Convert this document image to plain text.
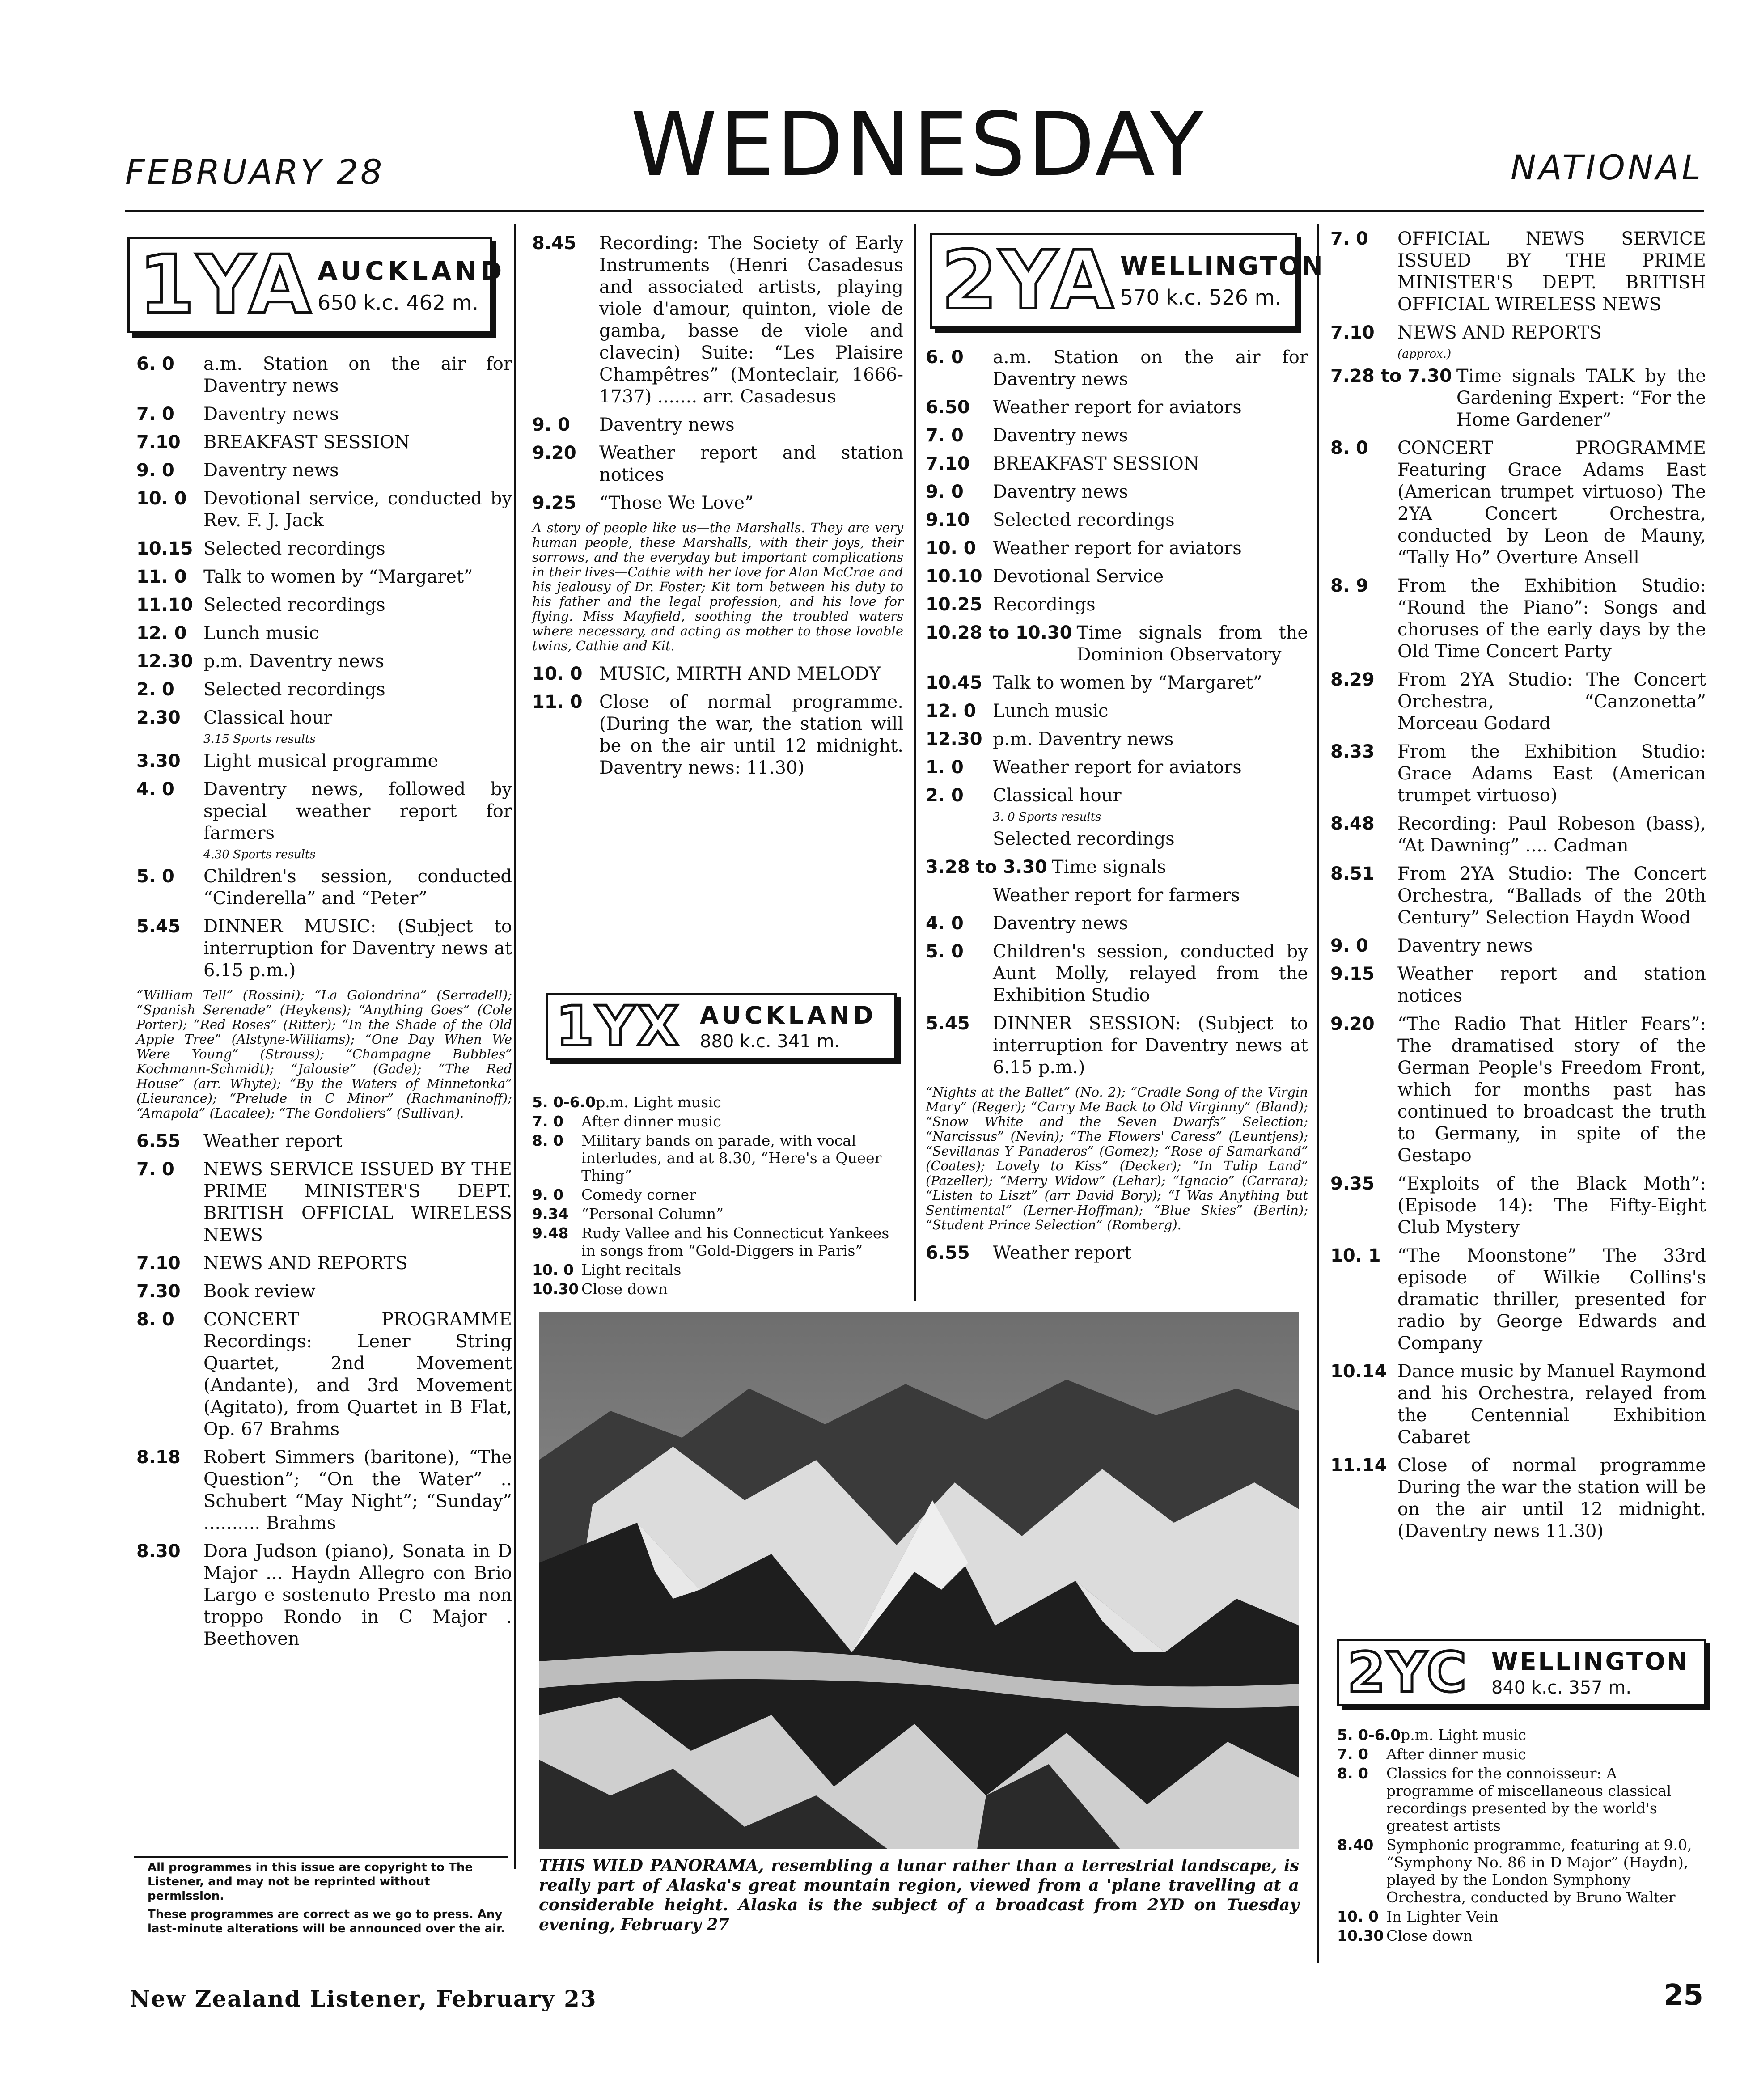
FEBRUARY 28	WEDNESDAY	NATIONAL
1YA AUCKLAND
650 k.c. 462 m.
6. 0	a.m. Station on the air for Daventry news
7. 0	Daventry news
7.10	BREAKFAST SESSION
9. 0	Daventry news
10. 0 Devotional service, conducted by Rev. F. J. Jack
10.15 Selected recordings
11. 0 Talk to women by “Margaret”
11.10 Selected recordings
12. 0 Lunch music
12.30 p.m. Daventry news
2. 0	Selected recordings
2.30	Classical hour
3.15 Sports results
3.30	Light musical programme
4. 0	Daventry news, followed by special weather report for farmers
4.30 Sports results
5. 0	Children's session, conducted “Cinderella” and “Peter”
5.45	DINNER MUSIC: (Subject to interruption for Daventry news at 6.15 p.m.)
“William Tell” (Rossini); “La Golondrina” (Serradell); “Spanish Serenade” (Heykens); “Anything Goes” (Cole Porter); “Red Roses” (Ritter); “In the Shade of the Old Apple Tree” (Alstyne-Williams); “One Day When We Were Young” (Strauss); “Champagne Bubbles” Kochmann-Schmidt); “Jalousie” (Gade); “The Red House” (arr. Whyte); “By the Waters of Minnetonka” (Lieurance); “Prelude in C Minor” (Rachmaninoff); “Amapola” (Lacalee); “The Gondoliers” (Sullivan).
6.55	Weather report
7. 0	NEWS SERVICE ISSUED BY THE PRIME MINISTER'S DEPT. BRITISH OFFICIAL WIRELESS NEWS
7.10	NEWS AND REPORTS
7.30	Book review
8. 0	CONCERT PROGRAMME Recordings: Lener String Quartet, 2nd Movement (Andante), and 3rd Movement (Agitato), from Quartet in B Flat, Op. 67 Brahms
8.18	Robert Simmers (baritone), “The Question”; “On the Water” .. Schubert “May Night”; “Sunday” .......... Brahms
8.30	Dora Judson (piano), Sonata in D Major ... Haydn Allegro con Brio Largo e sostenuto Presto ma non troppo Rondo in C Major . Beethoven
8.45	Recording: The Society of Early Instruments (Henri Casadesus and associated artists, playing viole d'amour, quinton, viole de gamba, basse de viole and clavecin) Suite: “Les Plaisire Champêtres” (Monteclair, 1666-1737) ....... arr. Casadesus
9. 0	Daventry news
9.20	Weather report and station notices
9.25	“Those We Love”
A story of people like us—the Marshalls. They are very human people, these Marshalls, with their joys, their sorrows, and the everyday but important complications in their lives—Cathie with her love for Alan McCrae and his jealousy of Dr. Foster; Kit torn between his duty to his father and the legal profession, and his love for flying. Miss Mayfield, soothing the troubled waters where necessary, and acting as mother to those lovable twins, Cathie and Kit.
10. 0 MUSIC, MIRTH AND MELODY
11. 0 Close of normal programme. (During the war, the station will be on the air until 12 midnight. Daventry news: 11.30)
1YX AUCKLAND
880 k.c. 341 m.
5. 0-6.0 p.m. Light music
7. 0	After dinner music
8. 0	Military bands on parade, with vocal interludes, and at 8.30, “Here's a Queer Thing”
9. 0	Comedy corner
9.34 “Personal Column”
9.48 Rudy Vallee and his Connecticut Yankees in songs from “Gold-Diggers in Paris”
10. 0 Light recitals
10.30 Close down
2YA WELLINGTON
570 k.c. 526 m.
6. 0	a.m. Station on the air for Daventry news
6.50	Weather report for aviators
7. 0	Daventry news
7.10	BREAKFAST SESSION
9. 0	Daventry news
9.10	Selected recordings
10. 0 Weather report for aviators
10.10 Devotional Service
10.25 Recordings
10.28 to 10.30 Time signals from the Dominion Observatory
10.45 Talk to women by “Margaret”
12. 0 Lunch music
12.30 p.m. Daventry news
1. 0	Weather report for aviators
2. 0	Classical hour
3. 0 Sports results
Selected recordings
3.28 to 3.30 Time signals
Weather report for farmers
4. 0	Daventry news
5. 0	Children's session, conducted by Aunt Molly, relayed from the Exhibition Studio
5.45	DINNER SESSION: (Subject to interruption for Daventry news at 6.15 p.m.)
“Nights at the Ballet” (No. 2); “Cradle Song of the Virgin Mary” (Reger); “Carry Me Back to Old Virginny” (Bland); “Snow White and the Seven Dwarfs” Selection; “Narcissus” (Nevin); “The Flowers' Caress” (Leuntjens); “Sevillanas Y Panaderos” (Gomez); “Rose of Samarkand” (Coates); Lovely to Kiss” (Decker); “In Tulip Land” (Pazeller); “Merry Widow” (Lehar); “Ignacio” (Carrara); “Listen to Liszt” (arr David Bory); “I Was Anything but Sentimental” (Lerner-Hoffman); “Blue Skies” (Berlin); “Student Prince Selection” (Romberg).
6.55	Weather report
7. 0	OFFICIAL NEWS SERVICE ISSUED BY THE PRIME MINISTER'S DEPT. BRITISH OFFICIAL WIRELESS NEWS
7.10	NEWS AND REPORTS
(approx.)
7.28 to 7.30 Time signals TALK by the Gardening Expert: “For the Home Gardener”
8. 0	CONCERT PROGRAMME Featuring Grace Adams East (American trumpet virtuoso) The 2YA Concert Orchestra, conducted by Leon de Mauny, “Tally Ho” Overture Ansell
8. 9	From the Exhibition Studio: “Round the Piano”: Songs and choruses of the early days by the Old Time Concert Party
8.29	From 2YA Studio: The Concert Orchestra, “Canzonetta” Morceau Godard
8.33	From the Exhibition Studio: Grace Adams East (American trumpet virtuoso)
8.48	Recording: Paul Robeson (bass), “At Dawning” .... Cadman
8.51	From 2YA Studio: The Concert Orchestra, “Ballads of the 20th Century” Selection Haydn Wood
9. 0	Daventry news
9.15	Weather report and station notices
9.20	“The Radio That Hitler Fears”: The dramatised story of the German People's Freedom Front, which for months past has continued to broadcast the truth to Germany, in spite of the Gestapo
9.35	“Exploits of the Black Moth”: (Episode 14): The Fifty-Eight Club Mystery
10. 1 “The Moonstone” The 33rd episode of Wilkie Collins's dramatic thriller, presented for radio by George Edwards and Company
10.14 Dance music by Manuel Raymond and his Orchestra, relayed from the Centennial Exhibition Cabaret
11.14 Close of normal programme During the war the station will be on the air until 12 midnight. (Daventry news 11.30)
2YC WELLINGTON
840 k.c. 357 m.
5. 0-6.0 p.m. Light music
7. 0	After dinner music
8. 0	Classics for the connoisseur: A programme of miscellaneous classical recordings presented by the world's greatest artists
8.40 Symphonic programme, featuring at 9.0, “Symphony No. 86 in D Major” (Haydn), played by the London Symphony Orchestra, conducted by Bruno Walter
10. 0 In Lighter Vein
10.30 Close down
THIS WILD PANORAMA, resembling a lunar rather than a terrestrial landscape, is really part of Alaska's great mountain region, viewed from a 'plane travelling at a considerable height. Alaska is the subject of a broadcast from 2YD on Tuesday evening, February 27
All programmes in this issue are copyright to The Listener, and may not be reprinted without permission.
These programmes are correct as we go to press. Any last-minute alterations will be announced over the air.
New Zealand Listener, February 23	25
